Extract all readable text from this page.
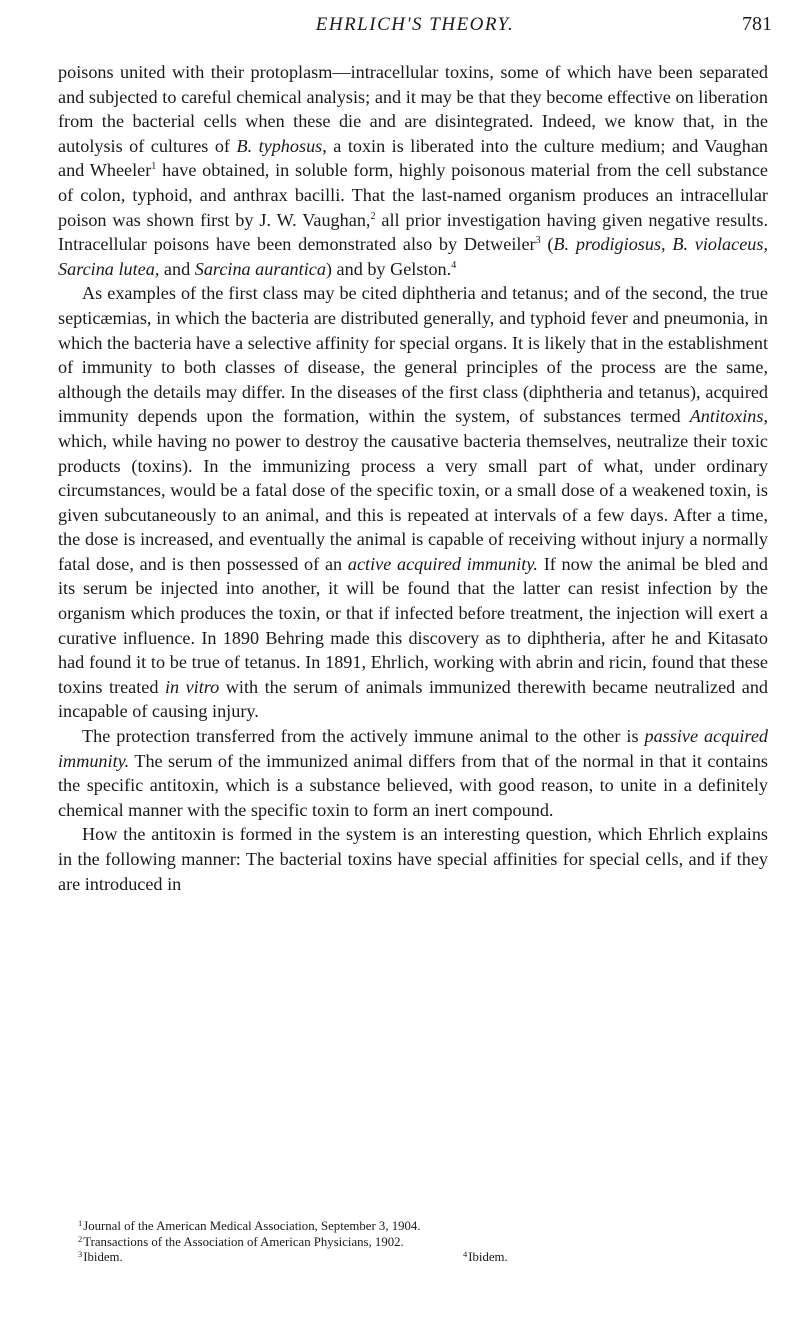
EHRLICH'S THEORY.	781

poisons united with their protoplasm—intracellular toxins, some of which have been separated and subjected to careful chemical analysis; and it may be that they become effective on liberation from the bacterial cells when these die and are disintegrated. Indeed, we know that, in the autolysis of cultures of B. typhosus, a toxin is liberated into the culture medium; and Vaughan and Wheeler$^1$ have obtained, in soluble form, highly poisonous material from the cell substance of colon, typhoid, and anthrax bacilli. That the last-named organism produces an intracellular poison was shown first by J. W. Vaughan,$^2$ all prior investigation having given negative results. Intracellular poisons have been demonstrated also by Detweiler$^3$ (B. prodigiosus, B. violaceus, Sarcina lutea, and Sarcina aurantica) and by Gelston.$^4$

As examples of the first class may be cited diphtheria and tetanus; and of the second, the true septicæmias, in which the bacteria are distributed generally, and typhoid fever and pneumonia, in which the bacteria have a selective affinity for special organs. It is likely that in the establishment of immunity to both classes of disease, the general principles of the process are the same, although the details may differ. In the diseases of the first class (diphtheria and tetanus), acquired immunity depends upon the formation, within the system, of substances termed Antitoxins, which, while having no power to destroy the causative bacteria themselves, neutralize their toxic products (toxins). In the immunizing process a very small part of what, under ordinary circumstances, would be a fatal dose of the specific toxin, or a small dose of a weakened toxin, is given subcutaneously to an animal, and this is repeated at intervals of a few days. After a time, the dose is increased, and eventually the animal is capable of receiving without injury a normally fatal dose, and is then possessed of an active acquired immunity. If now the animal be bled and its serum be injected into another, it will be found that the latter can resist infection by the organism which produces the toxin, or that if infected before treatment, the injection will exert a curative influence. In 1890 Behring made this discovery as to diphtheria, after he and Kitasato had found it to be true of tetanus. In 1891, Ehrlich, working with abrin and ricin, found that these toxins treated in vitro with the serum of animals immunized therewith became neutralized and incapable of causing injury.

The protection transferred from the actively immune animal to the other is passive acquired immunity. The serum of the immunized animal differs from that of the normal in that it contains the specific antitoxin, which is a substance believed, with good reason, to unite in a definitely chemical manner with the specific toxin to form an inert compound.

How the antitoxin is formed in the system is an interesting question, which Ehrlich explains in the following manner: The bacterial toxins have special affinities for special cells, and if they are introduced in

$^1$Journal of the American Medical Association, September 3, 1904.
$^2$Transactions of the Association of American Physicians, 1902.
$^3$Ibidem.	$^4$Ibidem.
